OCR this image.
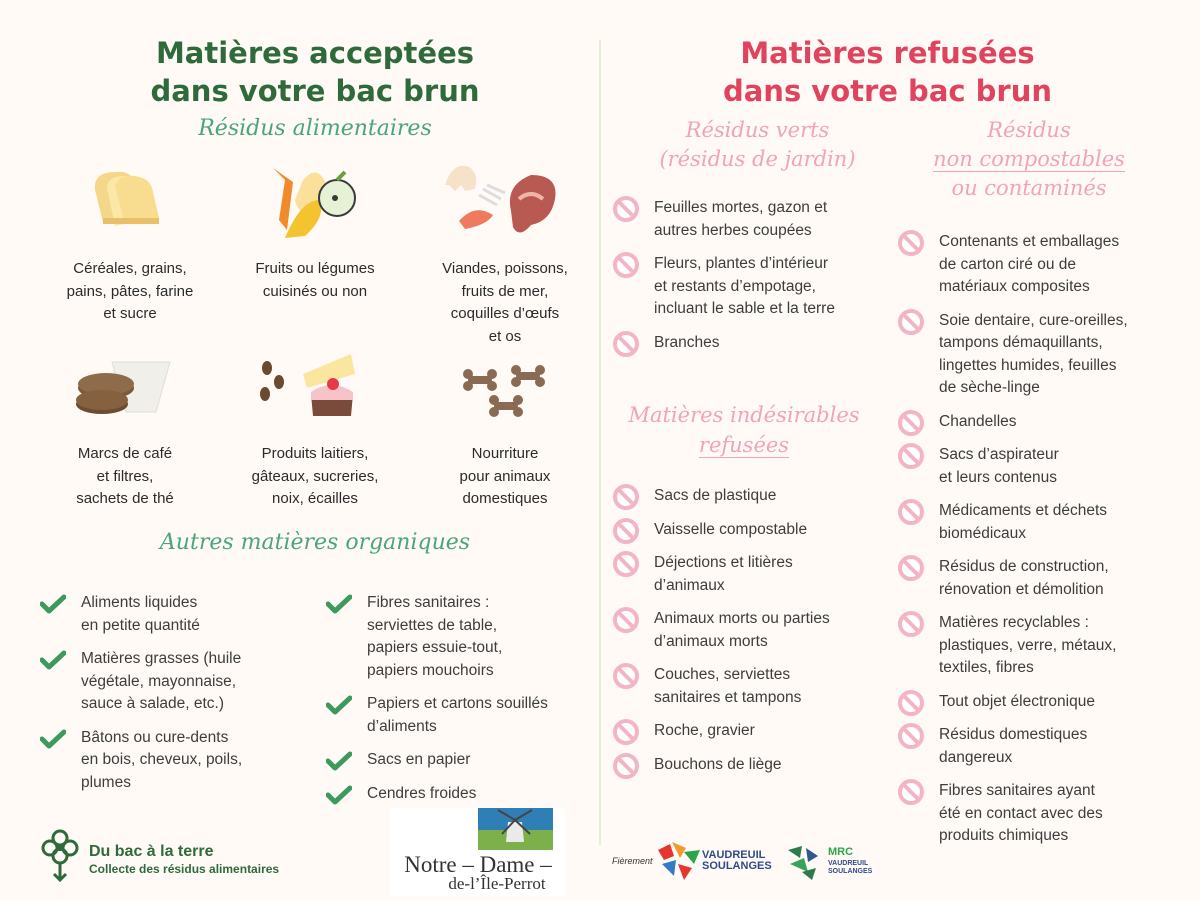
Matières acceptées
dans votre bac brun
Résidus alimentaires
Céréales, grains,
pains, pâtes, farine
et sucre
Fruits ou légumes
cuisinés ou non
Viandes, poissons,
fruits de mer,
coquilles d’œufs
et os
Marcs de café
et filtres,
sachets de thé
Produits laitiers,
gâteaux, sucreries,
noix, écailles
Nourriture
pour animaux
domestiques
Autres matières organiques
Aliments liquides
en petite quantité
Matières grasses (huile
végétale, mayonnaise,
sauce à salade, etc.)
Bâtons ou cure-dents
en bois, cheveux, poils,
plumes
Fibres sanitaires :
serviettes de table,
papiers essuie-tout,
papiers mouchoirs
Papiers et cartons souillés
d’aliments
Sacs en papier
Cendres froides
Du bac à la terre
Collecte des résidus alimentaires	Notre – Dame –
de-l’Île-Perrot
Matières refusées
dans votre bac brun
Résidus verts
(résidus de jardin)
Résidus
non compostables
ou contaminés
Matières indésirables
refusées
Feuilles mortes, gazon et
autres herbes coupées
Fleurs, plantes d’intérieur
et restants d’empotage,
incluant le sable et la terre
Branches
Sacs de plastique
Vaisselle compostable
Déjections et litières
d’animaux
Animaux morts ou parties
d’animaux morts
Couches, serviettes
sanitaires et tampons
Roche, gravier
Bouchons de liège
Contenants et emballages
de carton ciré ou de
matériaux composites
Soie dentaire, cure-oreilles,
tampons démaquillants,
lingettes humides, feuilles
de sèche-linge
Chandelles
Sacs d’aspirateur
et leurs contenus
Médicaments et déchets
biomédicaux
Résidus de construction,
rénovation et démolition
Matières recyclables :
plastiques, verre, métaux,
textiles, fibres
Tout objet électronique
Résidus domestiques
dangereux
Fibres sanitaires ayant
été en contact avec des
produits chimiques
Fièrement	VAUDREUIL
SOULANGES
MRC
VAUDREUIL
SOULANGES
